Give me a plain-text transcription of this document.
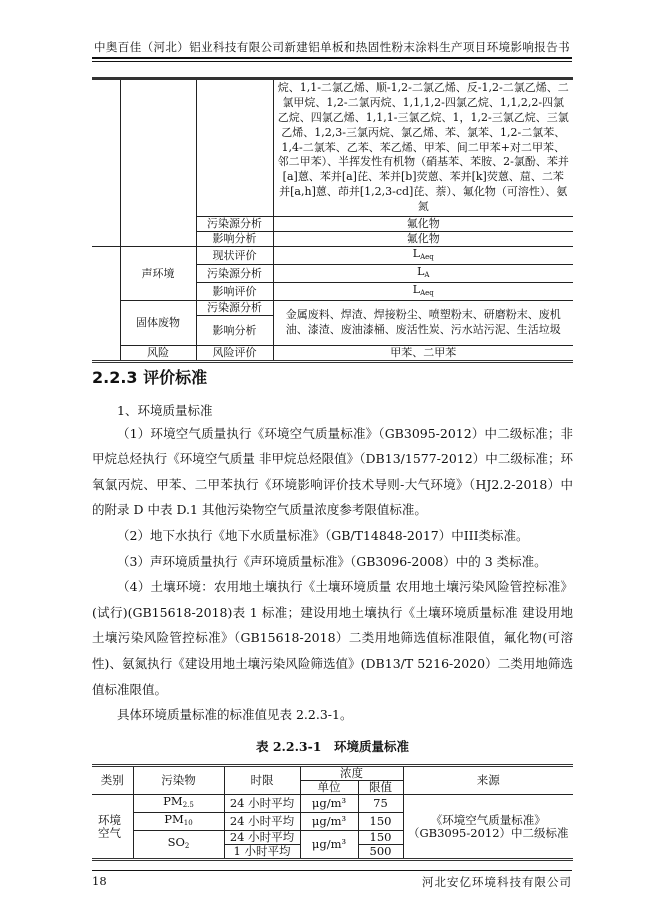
中奥百佳（河北）铝业科技有限公司新建铝单板和热固性粉末涂料生产项目环境影响报告书
			烷、1,1-二氯乙烯、顺-1,2-二氯乙烯、反-1,2-二氯乙烯、二氯甲烷、1,2-二氯丙烷、1,1,1,2-四氯乙烷、1,1,2,2-四氯乙烷、四氯乙烯、1,1,1-三氯乙烷、1，1,2-三氯乙烷、三氯乙烯、1,2,3-三氯丙烷、氯乙烯、苯、氯苯、1,2-二氯苯、1,4-二氯苯、乙苯、苯乙烯、甲苯、间二甲苯+对二甲苯、邻二甲苯）、半挥发性有机物（硝基苯、苯胺、2-氯酚、苯并[a]蒽、苯并[a]芘、苯并[b]荧蒽、苯并[k]荧蒽、䓛、二苯并[a,h]蒽、茚并[1,2,3-cd]芘、萘）、氟化物（可溶性）、氨氮
		污染源分析	氟化物
		影响分析	氟化物
	声环境	现状评价	$L_{Aeq}$
		污染源分析	$L_A$
		影响评价	$L_{Aeq}$
	固体废物	污染源分析	金属废料、焊渣、焊接粉尘、喷塑粉末、研磨粉末、废机油、漆渣、废油漆桶、废活性炭、污水站污泥、生活垃圾
		影响分析	
	风险	风险评价	甲苯、二甲苯
2.2.3 评价标准

1、环境质量标准

（1）环境空气质量执行《环境空气质量标准》（GB3095-2012）中二级标准；非甲烷总烃执行《环境空气质量 非甲烷总烃限值》（DB13/1577-2012）中二级标准；环氧氯丙烷、甲苯、二甲苯执行《环境影响评价技术导则-大气环境》（HJ2.2-2018）中的附录 D 中表 D.1 其他污染物空气质量浓度参考限值标准。

（2）地下水执行《地下水质量标准》（GB/T14848-2017）中III类标准。

（3）声环境质量执行《声环境质量标准》（GB3096-2008）中的 3 类标准。

（4）土壤环境：农用地土壤执行《土壤环境质量 农用地土壤污染风险管控标准》(试行)(GB15618-2018)表 1 标准；建设用地土壤执行《土壤环境质量标准 建设用地土壤污染风险管控标准》（GB15618-2018）二类用地筛选值标准限值，氟化物(可溶性)、氨氮执行《建设用地土壤污染风险筛选值》(DB13/T 5216-2020）二类用地筛选值标准限值。

具体环境质量标准的标准值见表 2.2.3-1。

表 2.2.3-1　环境质量标准
类别	污染物	时限	浓度		来源
			单位	限值	
环境空气	$PM_{2.5}$	24 小时平均	μg/m³	75	《环境空气质量标准》（GB3095-2012）中二级标准
	$PM_{10}$	24 小时平均	μg/m³	150	
	$SO_2$	24 小时平均	μg/m³	150	
		1 小时平均		500	
18	河北安亿环境科技有限公司
